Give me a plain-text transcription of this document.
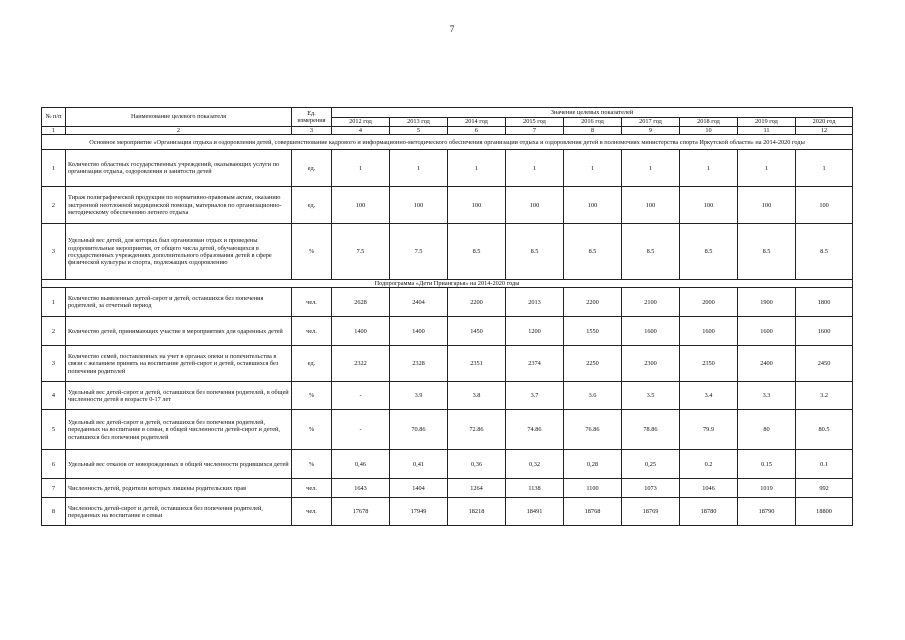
7
№ п/п	Наименование целевого показателя	Ед. измерения	Значение целевых показателей								
			2012 год	2013 год	2014 год	2015 год	2016 год	2017 год	2018 год	2019 год	2020 год
1	2	3	4	5	6	7	8	9	10	11	12
Основное мероприятие «Организация отдыха и оздоровления детей, совершенствование кадрового и информационно-методического обеспечения организации отдыха и оздоровления детей в полномочиях министерства спорта Иркутской области» на 2014-2020 годы											
1	Количество областных государственных учреждений, оказывающих услуги по организации отдыха, оздоровления и занятости детей	ед.	1	1	1	1	1	1	1	1	1
2	Тираж полиграфической продукции по нормативно-правовым актам, оказанию экстренной неотложной медицинской помощи, материалов по организационно-методическому обеспечению летнего отдыха	ед.	100	100	100	100	100	100	100	100	100
3	Удельный вес детей, для которых был организован отдых и проведены оздоровительные мероприятия, от общего числа детей, обучающихся в государственных учреждениях дополнительного образования детей в сфере физической культуры и спорта, подлежащих оздоровлению	%	7.5	7.5	8.5	8.5	8.5	8.5	8.5	8.5	8.5
Подпрограмма «Дети Приангарья» на 2014-2020 годы											
1	Количество выявленных детей-сирот и детей, оставшихся без попечения родителей, за отчетный период	чел.	2628	2404	2200	2013	2200	2100	2000	1900	1800
2	Количество детей, принимающих участие в мероприятиях для одаренных детей	чел.	1400	1400	1450	1200	1550	1600	1600	1600	1600
3	Количество семей, поставленных на учет в органах опеки и попечительства в связи с желанием принять на воспитание детей-сирот и детей, оставшихся без попечения родителей	ед.	2322	2328	2351	2374	2250	2300	2350	2400	2450
4	Удельный вес детей-сирот и детей, оставшихся без попечения родителей, в общей численности детей в возрасте 0-17 лет	%	-	3.9	3.8	3.7	3.6	3.5	3.4	3.3	3.2
5	Удельный вес детей-сирот и детей, оставшихся без попечения родителей, переданных на воспитание в семьи, в общей численности детей-сирот и детей, оставшихся без попечения родителей	%	-	70.86	72.86	74.86	76.86	78.86	79.9	80	80.5
6	Удельный вес отказов от новорожденных в общей численности родившихся детей	%	0,46	0,41	0,36	0,32	0,28	0,25	0.2	0.15	0.1
7	Численность детей, родители которых лишены родительских прав	чел.	1643	1404	1264	1138	1100	1073	1046	1019	992
8	Численность детей-сирот и детей, оставшихся без попечения родителей, переданных на воспитание в семьи	чел.	17678	17949	18218	18491	18768	18769	18780	18790	18800
